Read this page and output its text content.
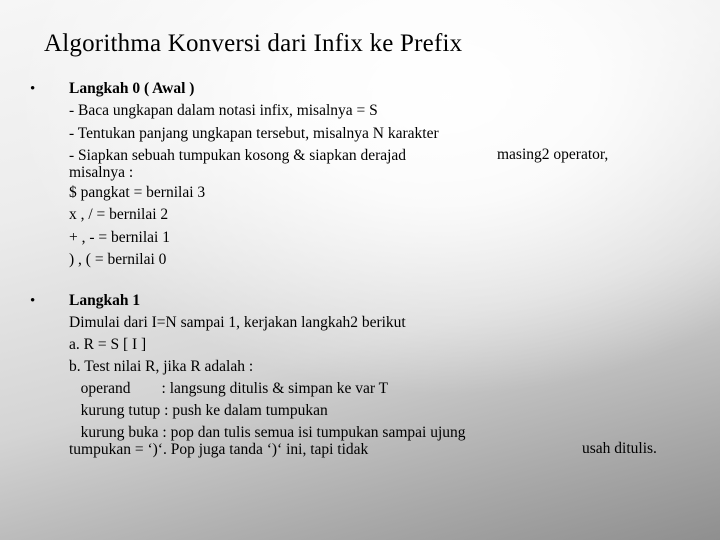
Algorithma Konversi dari Infix ke Prefix
• Langkah 0 ( Awal )
- Baca ungkapan dalam notasi infix, misalnya = S
- Tentukan panjang ungkapan tersebut, misalnya N karakter
- Siapkan sebuah tumpukan kosong & siapkan derajad	masing2 operator,
misalnya :
$ pangkat = bernilai 3
x , / = bernilai 2
+ , - = bernilai 1
) , ( = bernilai 0
• Langkah 1
Dimulai dari I=N sampai 1, kerjakan langkah2 berikut
a. R = S [ I ]
b. Test nilai R, jika R adalah :
operand        : langsung ditulis & simpan ke var T
kurung tutup : push ke dalam tumpukan
kurung buka : pop dan tulis semua isi tumpukan sampai ujung
tumpukan = ‘)‘. Pop juga tanda ‘)‘ ini, tapi tidak	usah ditulis.
